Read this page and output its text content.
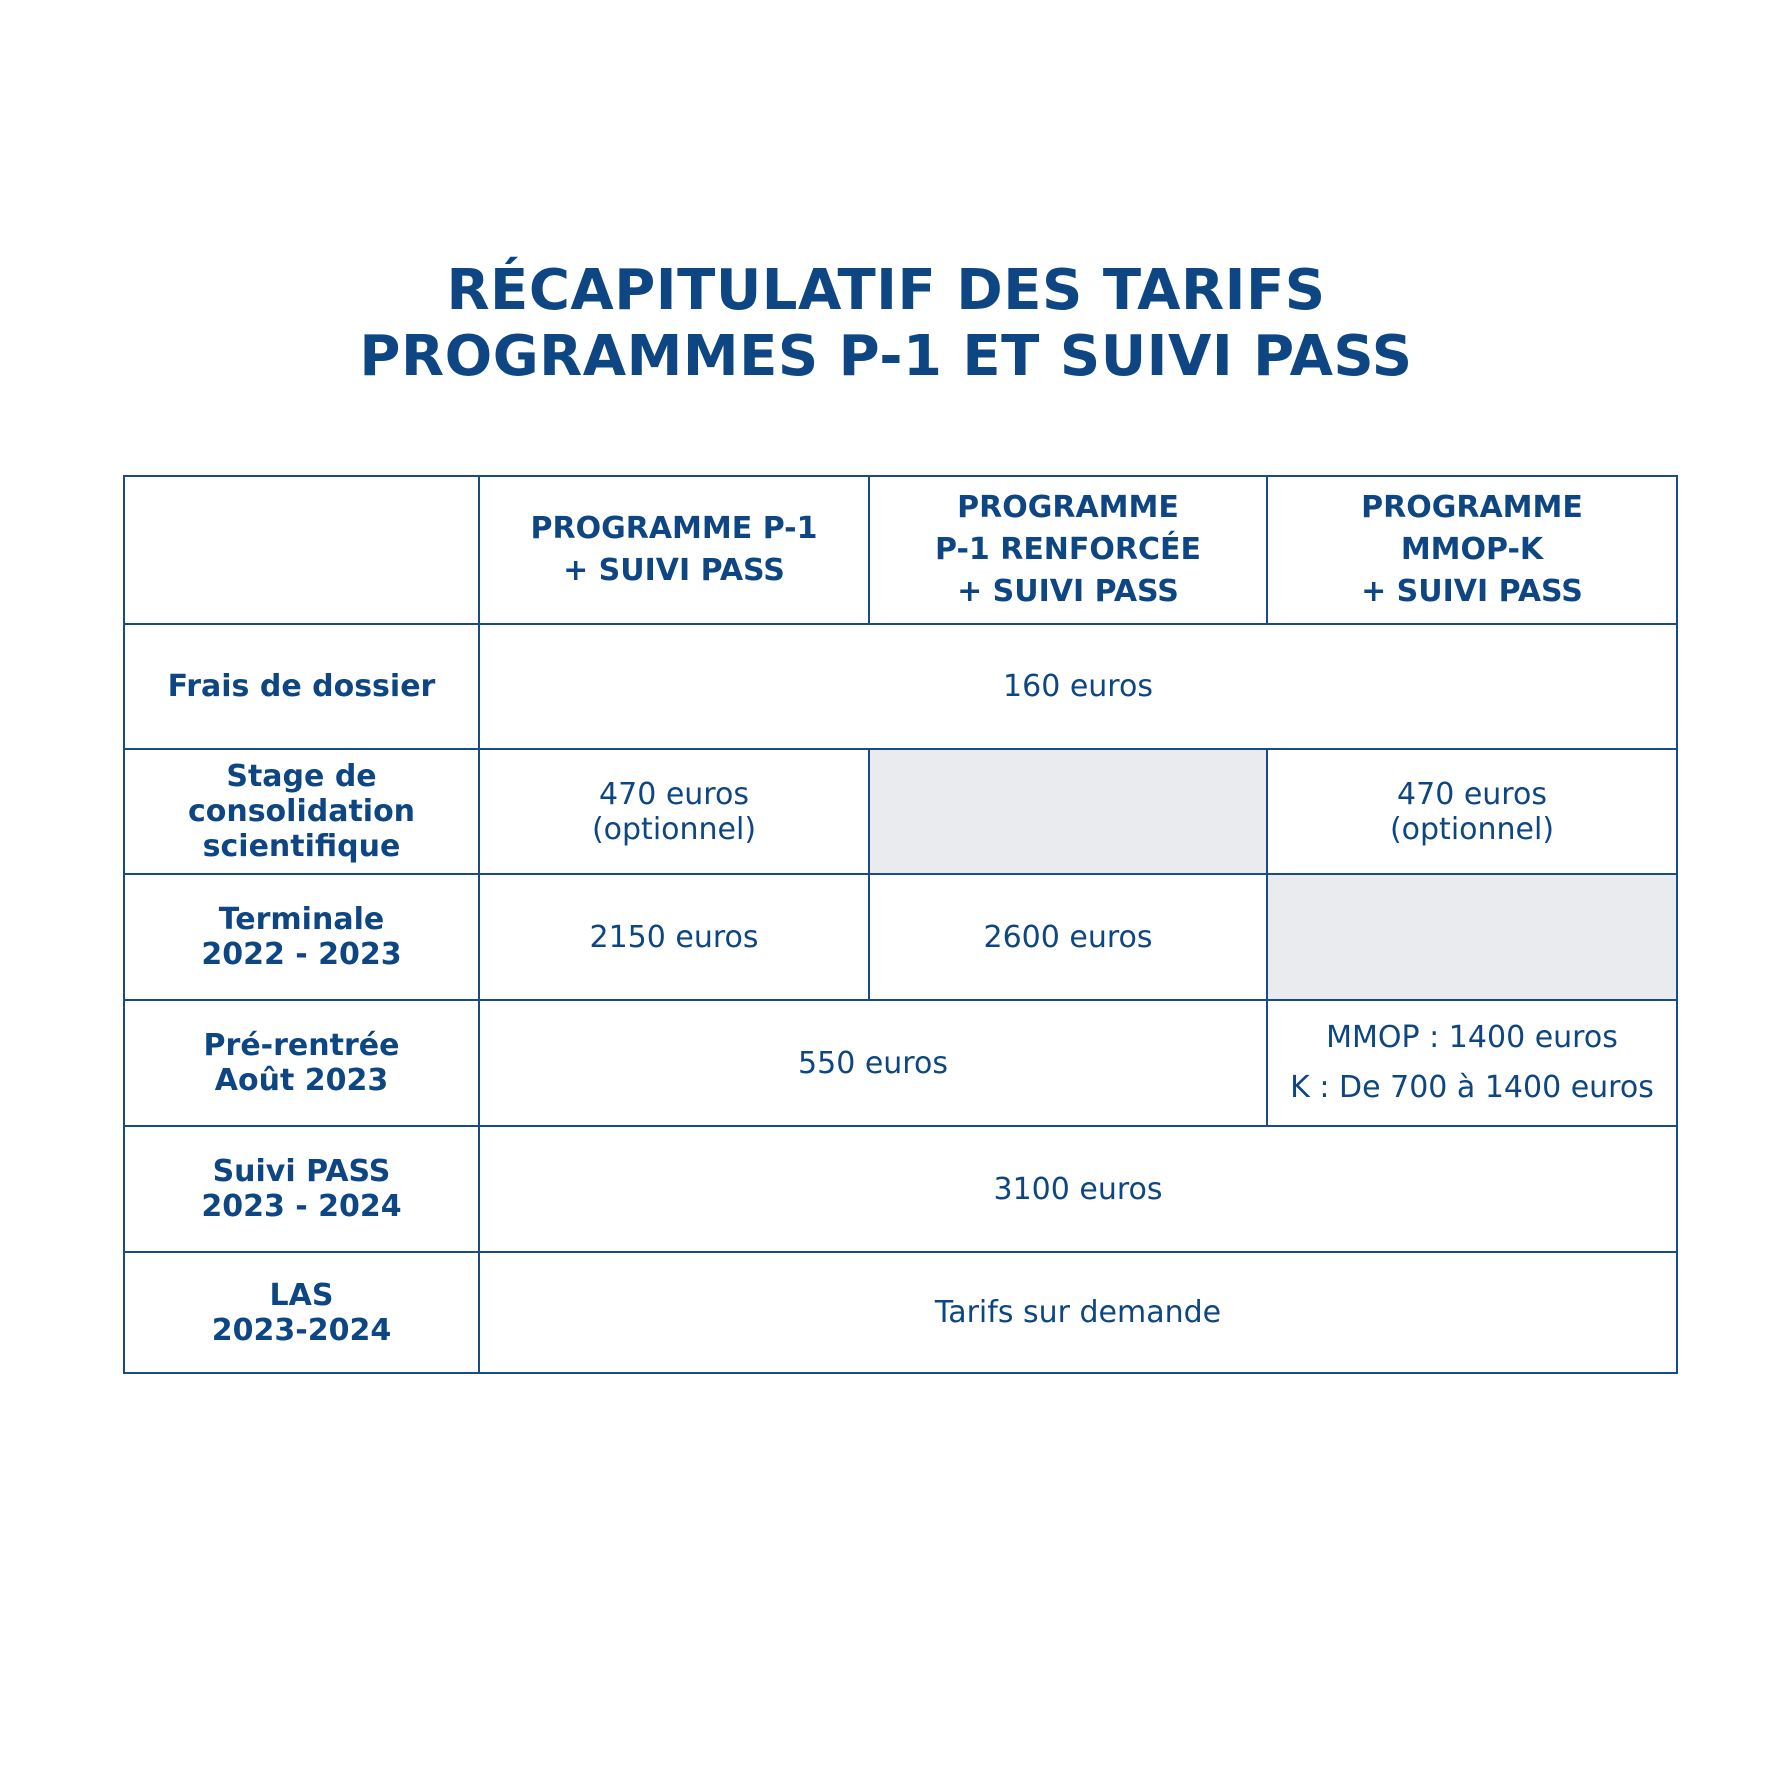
RÉCAPITULATIF DES TARIFS
PROGRAMMES P-1 ET SUIVI PASS

	PROGRAMME P-1
+ SUIVI PASS	PROGRAMME
P-1 RENFORCÉE
+ SUIVI PASS	PROGRAMME
MMOP-K
+ SUIVI PASS

Frais de dossier	160 euros		

Stage de
consolidation
scientifique	470 euros
(optionnel)		470 euros
(optionnel)

Terminale
2022 - 2023	2150 euros	2600 euros	

Pré-rentrée
Août 2023	550 euros		MMOP : 1400 euros
K : De 700 à 1400 euros

Suivi PASS
2023 - 2024	3100 euros		

LAS
2023-2024	Tarifs sur demande		
